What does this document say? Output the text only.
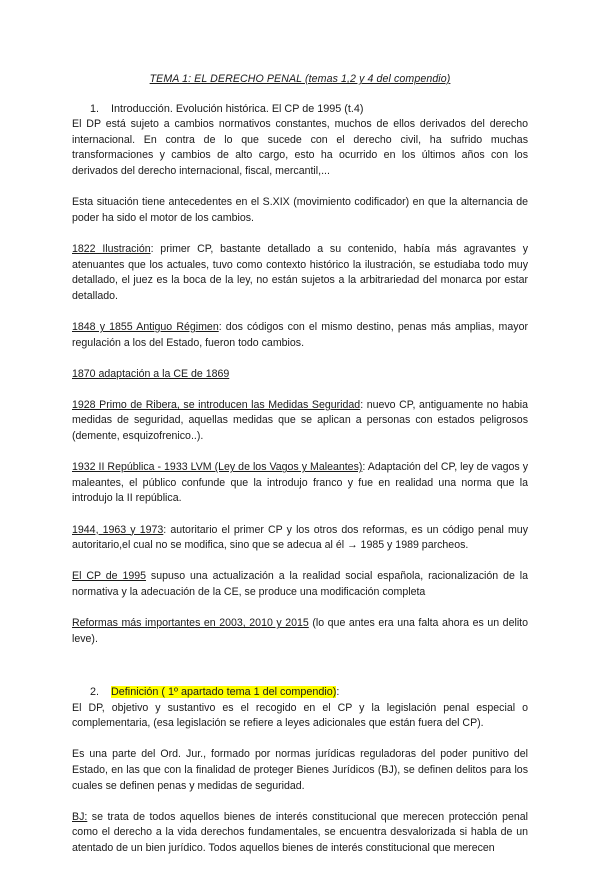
TEMA 1: EL DERECHO PENAL (temas 1,2 y 4 del compendio)

1. Introducción. Evolución histórica. El CP de 1995 (t.4)

El DP está sujeto a cambios normativos constantes, muchos de ellos derivados del derecho internacional. En contra de lo que sucede con el derecho civil, ha sufrido muchas transformaciones y cambios de alto cargo, esto ha ocurrido en los últimos años con los derivados del derecho internacional, fiscal, mercantil,...

Esta situación tiene antecedentes en el S.XIX (movimiento codificador) en que la alternancia de poder ha sido el motor de los cambios.

1822 Ilustración: primer CP, bastante detallado a su contenido, había más agravantes y atenuantes que los actuales, tuvo como contexto histórico la ilustración, se estudiaba todo muy detallado, el juez es la boca de la ley, no están sujetos a la arbitrariedad del monarca por estar detallado.

1848 y 1855 Antiguo Régimen: dos códigos con el mismo destino, penas más amplias, mayor regulación a los del Estado, fueron todo cambios.

1870 adaptación a la CE de 1869

1928 Primo de Ribera, se introducen las Medidas Seguridad: nuevo CP, antiguamente no habia medidas de seguridad, aquellas medidas que se aplican a personas con estados peligrosos (demente, esquizofrenico..).

1932 II República - 1933 LVM (Ley de los Vagos y Maleantes): Adaptación del CP, ley de vagos y maleantes, el público confunde que la introdujo franco y fue en realidad una norma que la introdujo la II república.

1944, 1963 y 1973: autoritario el primer CP y los otros dos reformas, es un código penal muy autoritario,el cual no se modifica, sino que se adecua al él → 1985 y 1989 parcheos.

El CP de 1995 supuso una actualización a la realidad social española, racionalización de la normativa y la adecuación de la CE, se produce una modificación completa

Reformas más importantes en 2003, 2010 y 2015 (lo que antes era una falta ahora es un delito leve).

2. Definición ( 1º apartado tema 1 del compendio):

El DP, objetivo y sustantivo es el recogido en el CP y la legislación penal especial o complementaria, (esa legislación se refiere a leyes adicionales que están fuera del CP).

Es una parte del Ord. Jur., formado por normas jurídicas reguladoras del poder punitivo del Estado, en las que con la finalidad de proteger Bienes Jurídicos (BJ), se definen delitos para los cuales se definen penas y medidas de seguridad.

BJ: se trata de todos aquellos bienes de interés constitucional que merecen protección penal como el derecho a la vida derechos fundamentales, se encuentra desvalorizada si habla de un atentado de un bien jurídico. Todos aquellos bienes de interés constitucional que merecen
